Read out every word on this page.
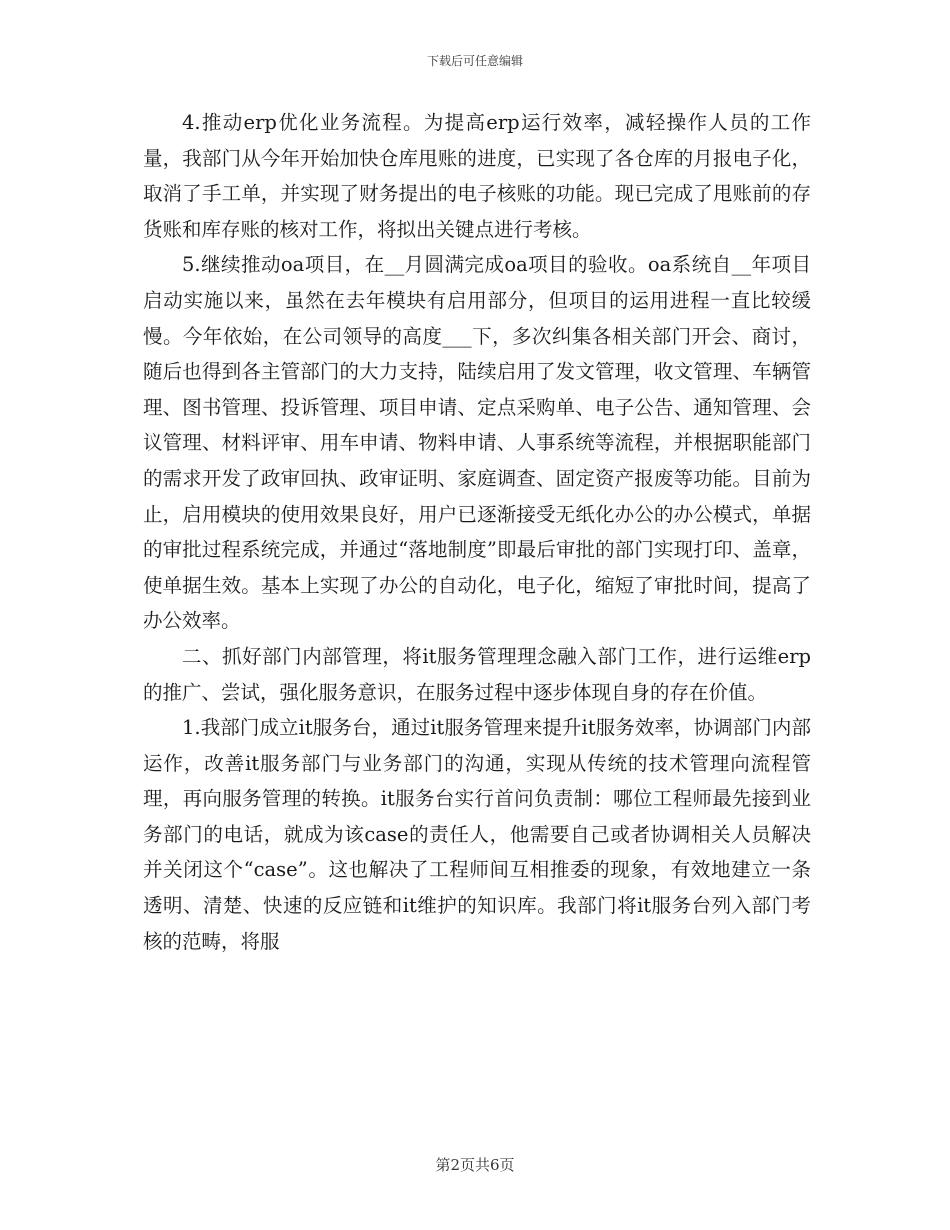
下载后可任意编辑

4.推动erp优化业务流程。为提高erp运行效率，减轻操作人员的工作量，我部门从今年开始加快仓库甩账的进度，已实现了各仓库的月报电子化，取消了手工单，并实现了财务提出的电子核账的功能。现已完成了甩账前的存货账和库存账的核对工作，将拟出关键点进行考核。

5.继续推动oa项目，在__月圆满完成oa项目的验收。oa系统自__年项目启动实施以来，虽然在去年模块有启用部分，但项目的运用进程一直比较缓慢。今年依始，在公司领导的高度___下，多次纠集各相关部门开会、商讨，随后也得到各主管部门的大力支持，陆续启用了发文管理，收文管理、车辆管理、图书管理、投诉管理、项目申请、定点采购单、电子公告、通知管理、会议管理、材料评审、用车申请、物料申请、人事系统等流程，并根据职能部门的需求开发了政审回执、政审证明、家庭调查、固定资产报废等功能。目前为止，启用模块的使用效果良好，用户已逐渐接受无纸化办公的办公模式，单据的审批过程系统完成，并通过“落地制度”即最后审批的部门实现打印、盖章，使单据生效。基本上实现了办公的自动化，电子化，缩短了审批时间，提高了办公效率。

二、抓好部门内部管理，将it服务管理理念融入部门工作，进行运维erp的推广、尝试，强化服务意识，在服务过程中逐步体现自身的存在价值。

1.我部门成立it服务台，通过it服务管理来提升it服务效率，协调部门内部运作，改善it服务部门与业务部门的沟通，实现从传统的技术管理向流程管理，再向服务管理的转换。it服务台实行首问负责制：哪位工程师最先接到业务部门的电话，就成为该case的责任人，他需要自己或者协调相关人员解决并关闭这个“case”。这也解决了工程师间互相推委的现象，有效地建立一条透明、清楚、快速的反应链和it维护的知识库。我部门将it服务台列入部门考核的范畴，将服

第2页共6页
